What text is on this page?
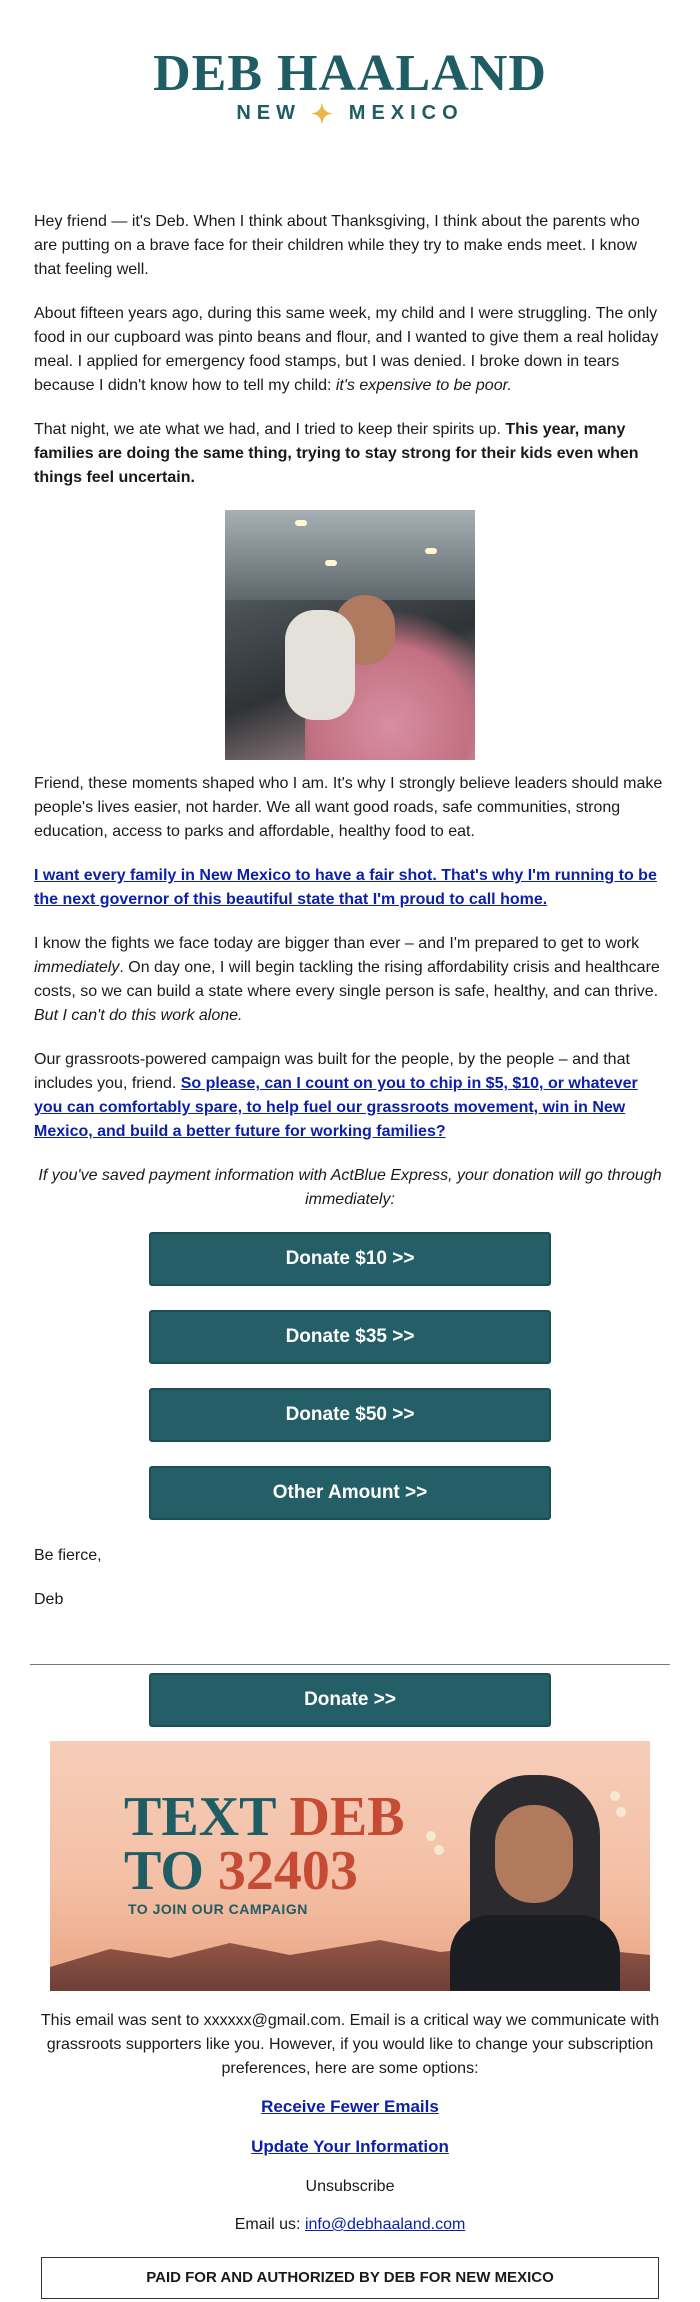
DEB HAALAND
NEW ✦ MEXICO

Hey friend — it's Deb. When I think about Thanksgiving, I think about the parents who are putting on a brave face for their children while they try to make ends meet. I know that feeling well.

About fifteen years ago, during this same week, my child and I were struggling. The only food in our cupboard was pinto beans and flour, and I wanted to give them a real holiday meal. I applied for emergency food stamps, but I was denied. I broke down in tears because I didn't know how to tell my child: it's expensive to be poor.

That night, we ate what we had, and I tried to keep their spirits up. This year, many families are doing the same thing, trying to stay strong for their kids even when things feel uncertain.

Friend, these moments shaped who I am. It's why I strongly believe leaders should make people's lives easier, not harder. We all want good roads, safe communities, strong education, access to parks and affordable, healthy food to eat.

I want every family in New Mexico to have a fair shot. That's why I'm running to be the next governor of this beautiful state that I'm proud to call home.

I know the fights we face today are bigger than ever – and I'm prepared to get to work immediately. On day one, I will begin tackling the rising affordability crisis and healthcare costs, so we can build a state where every single person is safe, healthy, and can thrive. But I can't do this work alone.

Our grassroots-powered campaign was built for the people, by the people – and that includes you, friend. So please, can I count on you to chip in $5, $10, or whatever you can comfortably spare, to help fuel our grassroots movement, win in New Mexico, and build a better future for working families?

If you've saved payment information with ActBlue Express, your donation will go through immediately:

Donate $10 >>
Donate $35 >>
Donate $50 >>
Other Amount >>

Be fierce,

Deb

Donate >>
TEXT DEB
TO 32403
TO JOIN OUR CAMPAIGN

This email was sent to xxxxxx@gmail.com. Email is a critical way we communicate with grassroots supporters like you. However, if you would like to change your subscription preferences, here are some options:

Receive Fewer Emails
Update Your Information

Unsubscribe

Email us: info@debhaaland.com

PAID FOR AND AUTHORIZED BY DEB FOR NEW MEXICO
